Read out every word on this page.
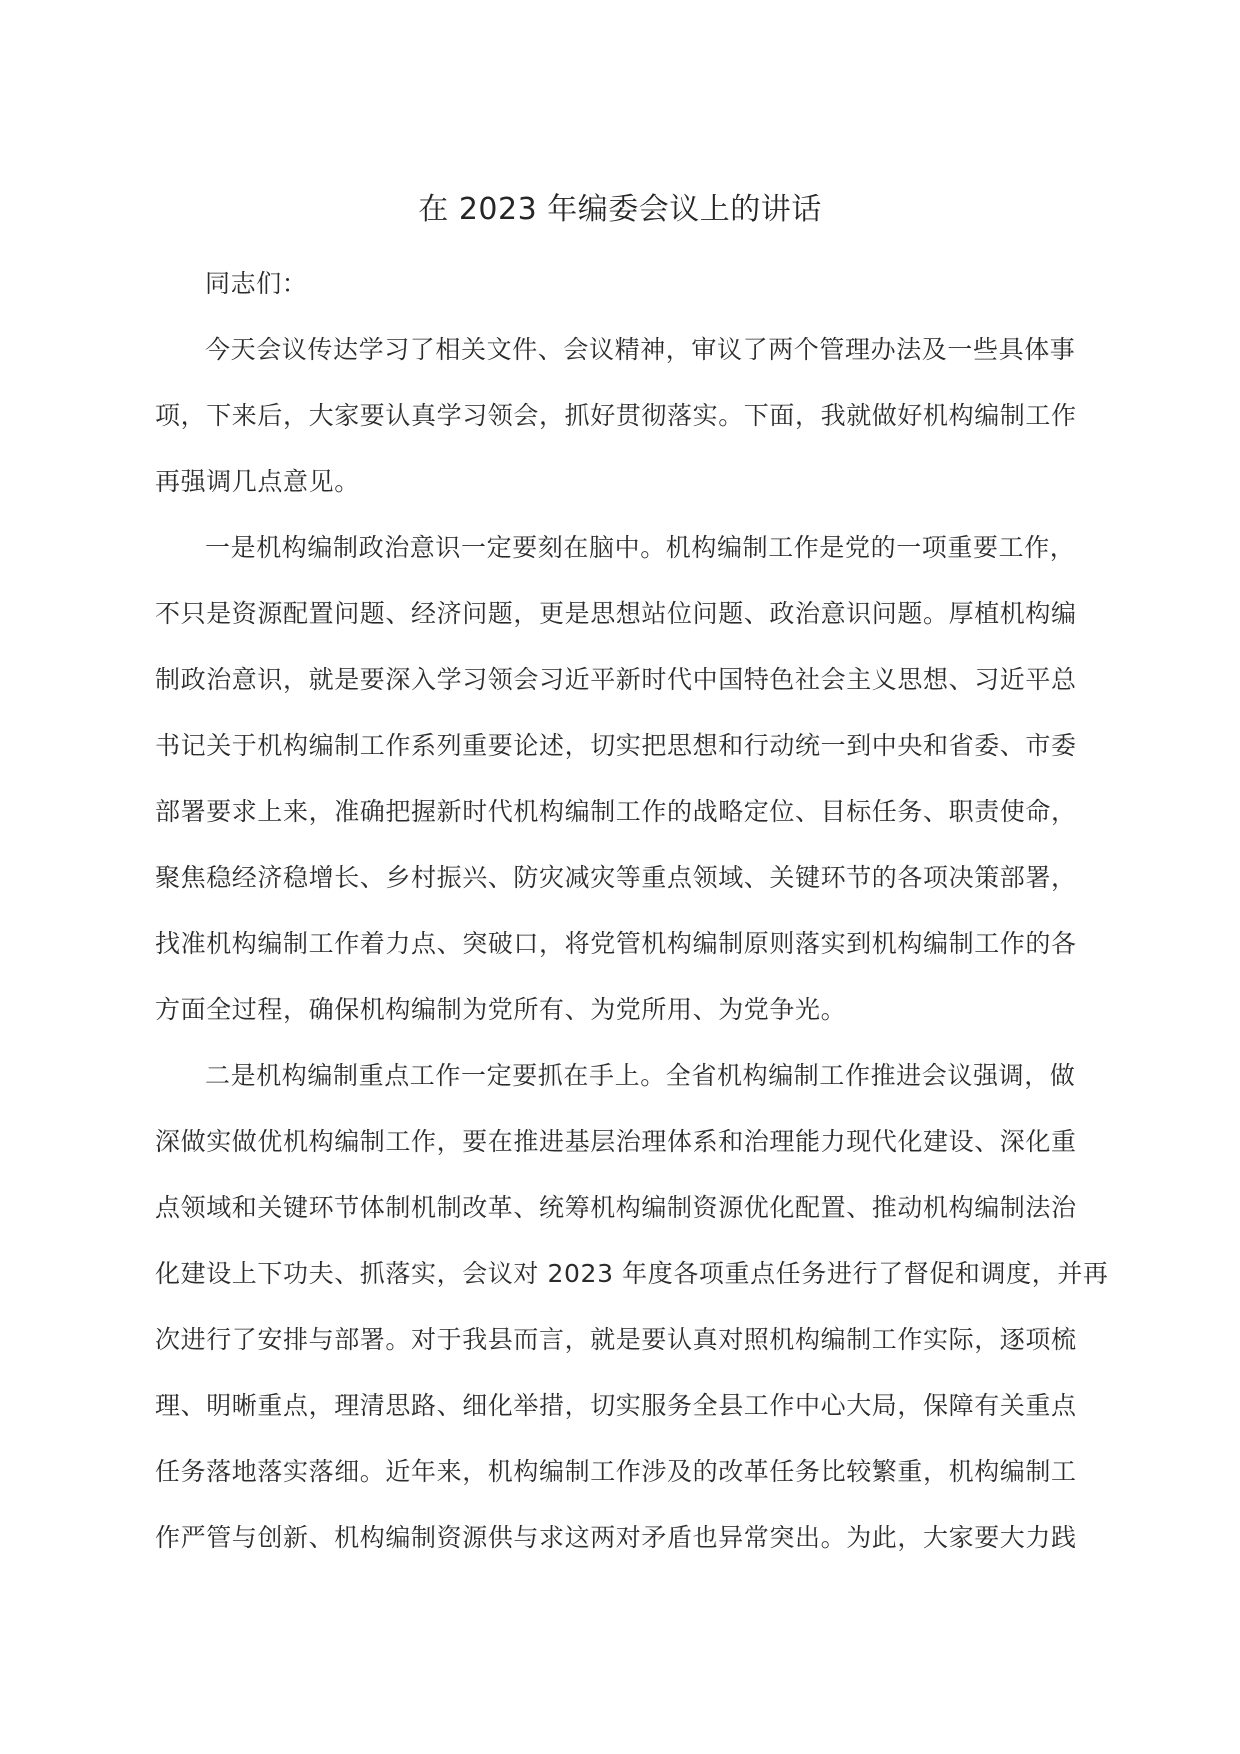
在 2023 年编委会议上的讲话
同志们：
今天会议传达学习了相关文件、会议精神，审议了两个管理办法及一些具体事
项，下来后，大家要认真学习领会，抓好贯彻落实。下面，我就做好机构编制工作
再强调几点意见。
一是机构编制政治意识一定要刻在脑中。机构编制工作是党的一项重要工作，
不只是资源配置问题、经济问题，更是思想站位问题、政治意识问题。厚植机构编
制政治意识，就是要深入学习领会习近平新时代中国特色社会主义思想、习近平总
书记关于机构编制工作系列重要论述，切实把思想和行动统一到中央和省委、市委
部署要求上来，准确把握新时代机构编制工作的战略定位、目标任务、职责使命，
聚焦稳经济稳增长、乡村振兴、防灾减灾等重点领域、关键环节的各项决策部署，
找准机构编制工作着力点、突破口，将党管机构编制原则落实到机构编制工作的各
方面全过程，确保机构编制为党所有、为党所用、为党争光。
二是机构编制重点工作一定要抓在手上。全省机构编制工作推进会议强调，做
深做实做优机构编制工作，要在推进基层治理体系和治理能力现代化建设、深化重
点领域和关键环节体制机制改革、统筹机构编制资源优化配置、推动机构编制法治
化建设上下功夫、抓落实，会议对 2023 年度各项重点任务进行了督促和调度，并再
次进行了安排与部署。对于我县而言，就是要认真对照机构编制工作实际，逐项梳
理、明晰重点，理清思路、细化举措，切实服务全县工作中心大局，保障有关重点
任务落地落实落细。近年来，机构编制工作涉及的改革任务比较繁重，机构编制工
作严管与创新、机构编制资源供与求这两对矛盾也异常突出。为此，大家要大力践
